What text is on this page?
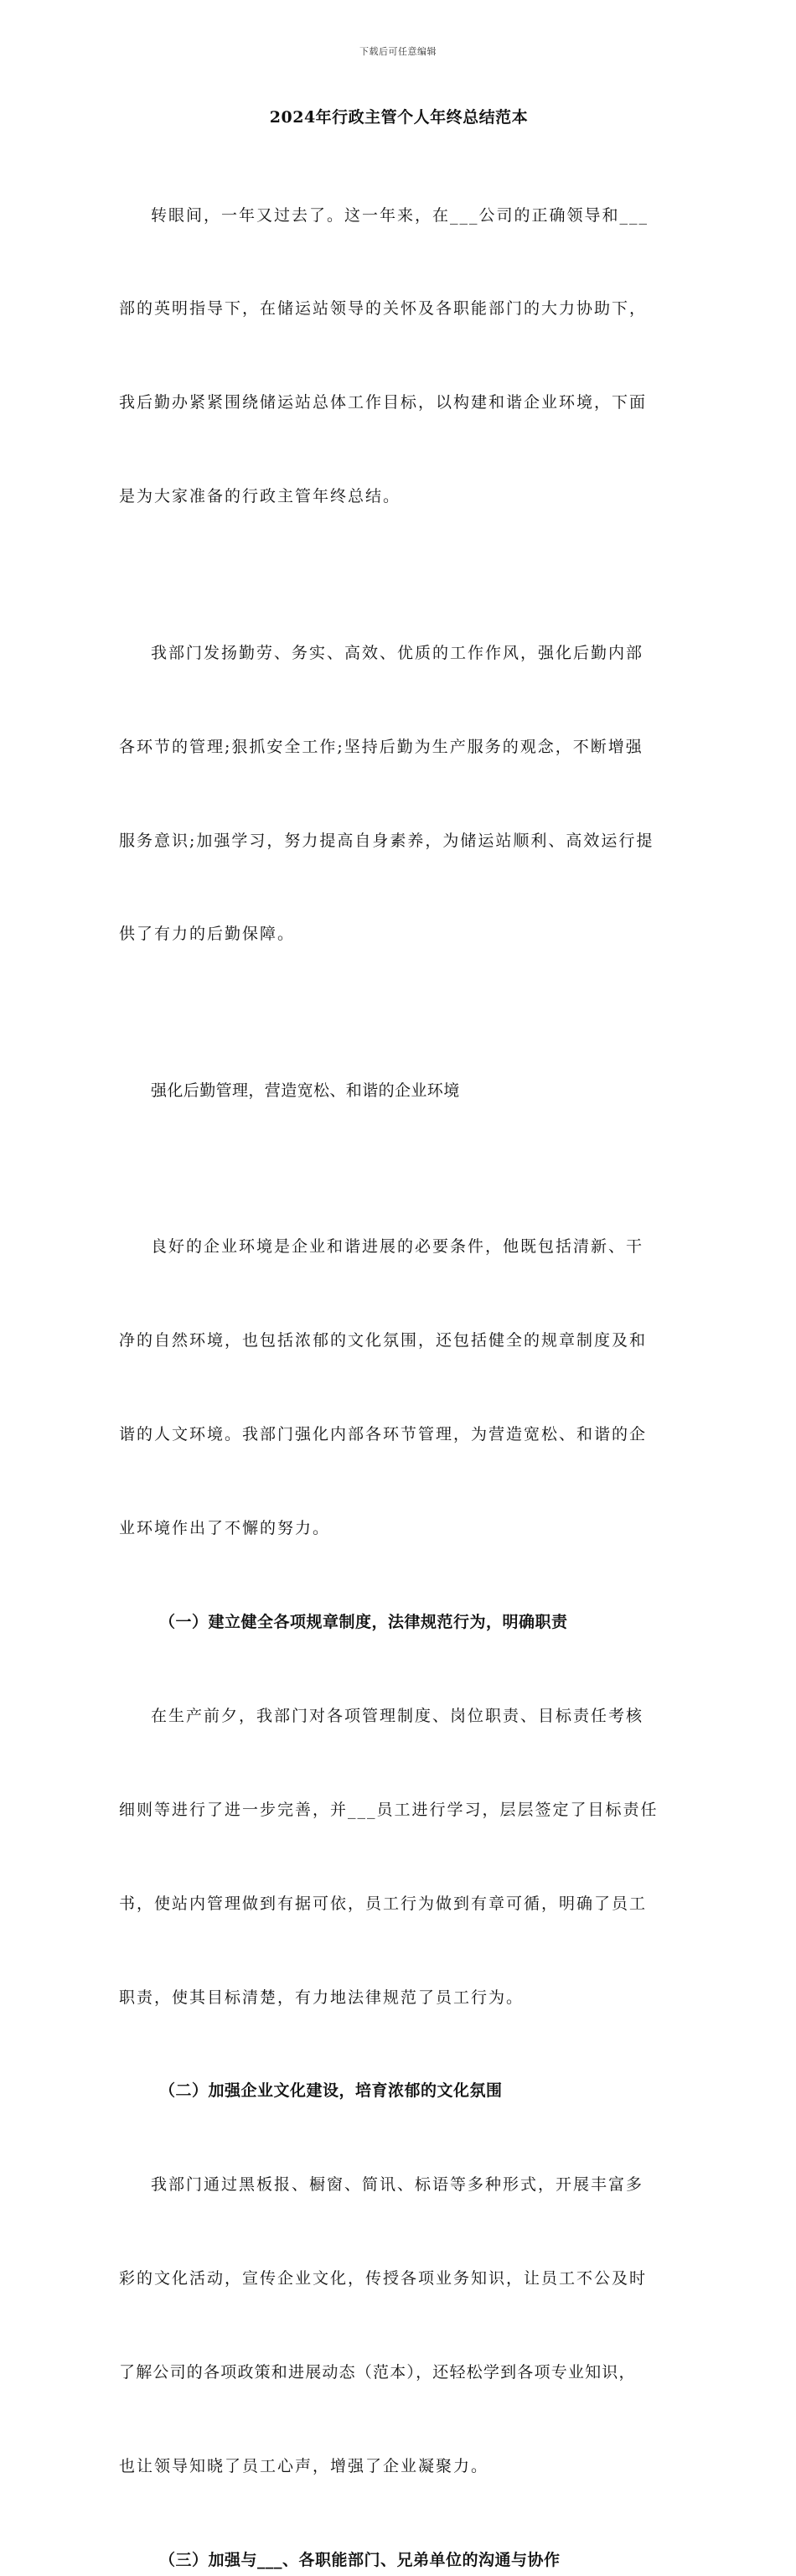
下载后可任意编辑
2024年行政主管个人年终总结范本

转眼间，一年又过去了。这一年来，在___公司的正确领导和___

部的英明指导下，在储运站领导的关怀及各职能部门的大力协助下，

我后勤办紧紧围绕储运站总体工作目标，以构建和谐企业环境，下面

是为大家准备的行政主管年终总结。

我部门发扬勤劳、务实、高效、优质的工作作风，强化后勤内部

各环节的管理;狠抓安全工作;坚持后勤为生产服务的观念，不断增强

服务意识;加强学习，努力提高自身素养，为储运站顺利、高效运行提

供了有力的后勤保障。

强化后勤管理，营造宽松、和谐的企业环境

良好的企业环境是企业和谐进展的必要条件，他既包括清新、干

净的自然环境，也包括浓郁的文化氛围，还包括健全的规章制度及和

谐的人文环境。我部门强化内部各环节管理，为营造宽松、和谐的企

业环境作出了不懈的努力。

（一）建立健全各项规章制度，法律规范行为，明确职责

在生产前夕，我部门对各项管理制度、岗位职责、目标责任考核

细则等进行了进一步完善，并___员工进行学习，层层签定了目标责任

书，使站内管理做到有据可依，员工行为做到有章可循，明确了员工

职责，使其目标清楚，有力地法律规范了员工行为。

（二）加强企业文化建设，培育浓郁的文化氛围

我部门通过黑板报、橱窗、简讯、标语等多种形式，开展丰富多

彩的文化活动，宣传企业文化，传授各项业务知识，让员工不公及时

了解公司的各项政策和进展动态（范本），还轻松学到各项专业知识，

也让领导知晓了员工心声，增强了企业凝聚力。

（三）加强与___、各职能部门、兄弟单位的沟通与协作
